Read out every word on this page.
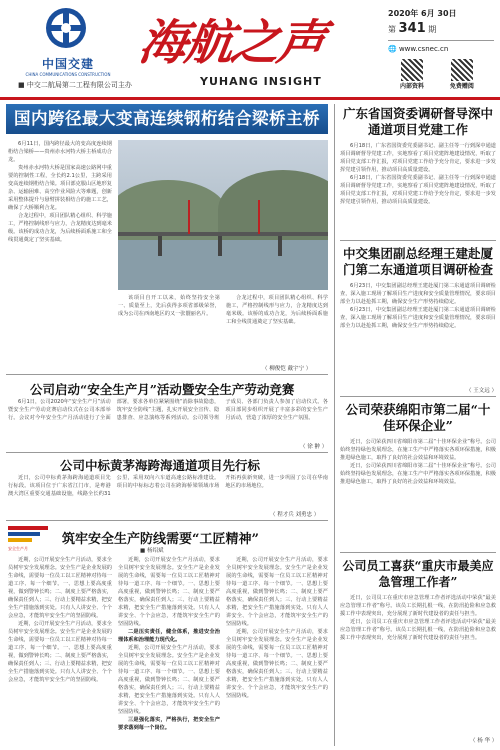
中国交建
CHINA COMMUNICATIONS CONSTRUCTION
海航之声
YUHANG INSIGHT
■ 中交二航局第二工程有限公司主办
2020年 6月 30日
第 341 期
🌐 www.csnec.cn

内部资料	免费赠阅
国内跨径最大变高连续钢桁结合梁桥主桥

6月11日，国内跨径最大的变高度连续钢桁结合梁桥——贵州赤水河特大桥主桥成功合龙。

贵州赤水河特大桥是国家高速公路网中重要的控制性工程，全长约2.1公里，主跨采用变高连续钢桁结合梁。项目部克服山区地形复杂、运输困难、高空作业风险大等难题，创新采用整体提升与悬臂拼装相结合的施工工艺，确保了大桥顺利合龙。

合龙过程中，项目团队精心组织、科学施工，严格控制线形与应力，合龙精度达到毫米级。该桥的成功合龙，为后续桥面系施工和全线贯通奠定了坚实基础。

该项目自开工以来，始终坚持安全第一、质量至上，先后获得多项省部级荣誉，成为公司在西南地区的又一张靓丽名片。

合龙过程中，项目团队精心组织、科学施工，严格控制线形与应力，合龙精度达到毫米级。该桥的成功合龙，为后续桥面系施工和全线贯通奠定了坚实基础。

（ 柳俊恺 戴宇宁 ）
公司启动“安全生产月”活动暨安全生产劳动竞赛

6月1日，公司2020年“安全生产月”活动暨安全生产劳动竞赛启动仪式在公司本部举行。会议对今年安全生产月活动进行了全面部署，要求各单位紧紧围绕“消除事故隐患，筑牢安全防线”主题，扎实开展安全宣传、隐患排查、应急演练等系列活动。公司领导班子成员、各部门负责人参加了启动仪式。各项目部同步组织开展了丰富多彩的安全生产月活动，营造了浓厚的安全生产氛围。

（ 徐 翀 ）
公司中标黄茅海跨海通道项目先行标

近日，公司中标黄茅海跨海通道项目先行标段。该项目位于广东省江门市，是粤港澳大湾区重要交通基础设施，线路全长约31公里，采用双向六车道高速公路标准建设。项目的中标标志着公司在跨海桥梁领域市场开拓再获新突破，进一步巩固了公司在华南地区的市场地位。

（ 程才兵 刘勇忠 ）
安全生产月
筑牢安全生产防线需要“工匠精神”
■ 杨绍斌

近期，公司开展安全生产月活动，要求全员树牢安全发展理念。安全生产是企业发展的生命线，需要每一位员工以工匠精神对待每一道工序、每一个细节。一、思想上要高度重视，做到警钟长鸣；二、制度上要严格落实，确保责任到人；三、行动上要精益求精，把安全生产措施落到实处。只有人人讲安全、个个会应急，才能筑牢安全生产的坚固防线。

近期，公司开展安全生产月活动，要求全员树牢安全发展理念。安全生产是企业发展的生命线，需要每一位员工以工匠精神对待每一道工序、每一个细节。一、思想上要高度重视，做到警钟长鸣；二、制度上要严格落实，确保责任到人；三、行动上要精益求精，把安全生产措施落到实处。只有人人讲安全、个个会应急，才能筑牢安全生产的坚固防线。

近期，公司开展安全生产月活动，要求全员树牢安全发展理念。安全生产是企业发展的生命线，需要每一位员工以工匠精神对待每一道工序、每一个细节。一、思想上要高度重视，做到警钟长鸣；二、制度上要严格落实，确保责任到人；三、行动上要精益求精，把安全生产措施落到实处。只有人人讲安全、个个会应急，才能筑牢安全生产的坚固防线。

二是压实责任，健全体系，推进安全治理体系和治理能力现代化。

近期，公司开展安全生产月活动，要求全员树牢安全发展理念。安全生产是企业发展的生命线，需要每一位员工以工匠精神对待每一道工序、每一个细节。一、思想上要高度重视，做到警钟长鸣；二、制度上要严格落实，确保责任到人；三、行动上要精益求精，把安全生产措施落到实处。只有人人讲安全、个个会应急，才能筑牢安全生产的坚固防线。

三是强化落实，严格执行，把安全生产要求落到每一个岗位。

近期，公司开展安全生产月活动，要求全员树牢安全发展理念。安全生产是企业发展的生命线，需要每一位员工以工匠精神对待每一道工序、每一个细节。一、思想上要高度重视，做到警钟长鸣；二、制度上要严格落实，确保责任到人；三、行动上要精益求精，把安全生产措施落到实处。只有人人讲安全、个个会应急，才能筑牢安全生产的坚固防线。

近期，公司开展安全生产月活动，要求全员树牢安全发展理念。安全生产是企业发展的生命线，需要每一位员工以工匠精神对待每一道工序、每一个细节。一、思想上要高度重视，做到警钟长鸣；二、制度上要严格落实，确保责任到人；三、行动上要精益求精，把安全生产措施落到实处。只有人人讲安全、个个会应急，才能筑牢安全生产的坚固防线。

广东省国资委调研督导深中通道项目党建工作

6月18日，广东省国资委党委副书记、副主任等一行到深中通道项目调研督导党建工作，实地察看了项目党建阵地建设情况，听取了项目党支部工作汇报，对项目党建工作给予充分肯定，要求进一步发挥党建引领作用，推动项目高质量建设。

6月18日，广东省国资委党委副书记、副主任等一行到深中通道项目调研督导党建工作，实地察看了项目党建阵地建设情况，听取了项目党支部工作汇报，对项目党建工作给予充分肯定，要求进一步发挥党建引领作用，推动项目高质量建设。

中交集团副总经理王建赴厦门第二东通道项目调研检查

6月23日，中交集团副总经理王建赴厦门第二东通道项目调研检查，深入施工现场了解项目生产进度和安全质量管理情况，要求项目部全力以赴抢抓工期，确保安全生产形势持续稳定。

6月23日，中交集团副总经理王建赴厦门第二东通道项目调研检查，深入施工现场了解项目生产进度和安全质量管理情况，要求项目部全力以赴抢抓工期，确保安全生产形势持续稳定。

（ 王文远 ）
公司荣获绵阳市第二届“十佳环保企业”

近日，公司荣获四川省绵阳市第二届“十佳环保企业”称号。公司始终坚持绿色发展理念，在施工生产中严格落实各项环保措施，积极推进绿色施工，取得了良好的社会效益和环境效益。

近日，公司荣获四川省绵阳市第二届“十佳环保企业”称号。公司始终坚持绿色发展理念，在施工生产中严格落实各项环保措施，积极推进绿色施工，取得了良好的社会效益和环境效益。

公司员工喜获“重庆市最美应急管理工作者”

近日，公司员工在重庆市应急管理工作者评选活动中荣获“最美应急管理工作者”称号。该员工长期扎根一线，在防汛抢险和应急救援工作中表现突出，充分展现了新时代建设者的责任与担当。

近日，公司员工在重庆市应急管理工作者评选活动中荣获“最美应急管理工作者”称号。该员工长期扎根一线，在防汛抢险和应急救援工作中表现突出，充分展现了新时代建设者的责任与担当。

（ 杨 华 ）
